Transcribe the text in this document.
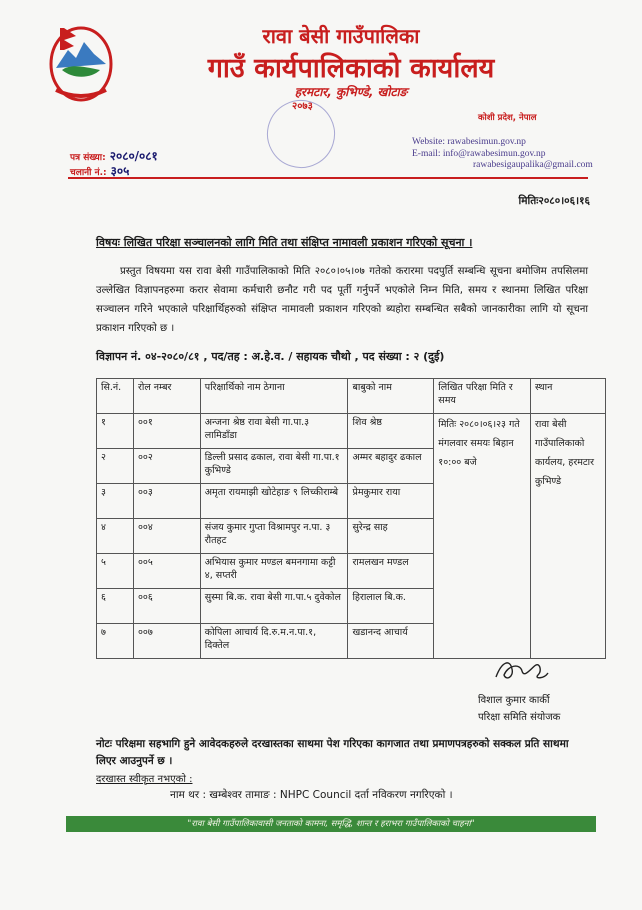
रावा बेसी गाउँपालिका
गाउँ कार्यपालिकाको कार्यालय
हरमटार, कुभिण्डे, खोटाङ
२०७३
कोशी प्रदेश, नेपाल
Website: rawabesimun.gov.np
E-mail: info@rawabesimun.gov.np

rawabesigaupalika@gmail.com
पत्र संख्या: २०८०/०८१
चलानी नं.: ३०५
मितिः२०८०।०६।१६
विषयः लिखित परिक्षा सञ्चालनको लागि मिति तथा संक्षिप्त नामावली प्रकाशन गरिएको सूचना ।
प्रस्तुत विषयमा यस रावा बेसी गाउँपालिकाको मिति २०८०।०५।०७ गतेको करारमा पदपुर्ति सम्बन्धि सूचना बमोजिम तपसिलमा उल्लेखित विज्ञापनहरुमा करार सेवामा कर्मचारी छनौट गरी पद पूर्ती गर्नुपर्ने भएकोले निम्न मिति, समय र स्थानमा लिखित परिक्षा सञ्चालन गरिने भएकाले परिक्षार्थिहरुको संक्षिप्त नामावली प्रकाशन गरिएको ब्यहोरा सम्बन्धित सबैको जानकारीका लागि यो सूचना प्रकाशन गरिएको छ ।
विज्ञापन नं. ०४-२०८०/८१ , पद/तह : अ.हे.व. / सहायक चौथो , पद संख्या : २ (दुई)
सि.नं.	रोल नम्बर	परिक्षार्थिको नाम ठेगाना	बाबुको नाम	लिखित परिक्षा मिति र समय	स्थान
१	००१	अन्जना श्रेष्ठ रावा बेसी गा.पा.३ लामिडाँडा	शिव श्रेष्ठ	मितिः २०८०।०६।२३ गते मंगलवार समयः बिहान १०:०० बजे	रावा बेसी गाउँपालिकाको कार्यलय, हरमटार कुभिण्डे
२	००२	डिल्ली प्रसाद ढकाल, रावा बेसी गा.पा.१ कुभिण्डे	अम्मर बहादुर ढकाल		
३	००३	अमृता रायमाझी खोटेहाङ ९ लिच्कीराम्बे	प्रेमकुमार राया		
४	००४	संजय कुमार गुप्ता विश्रामपुर न.पा. ३ रौतहट	सुरेन्द्र साह		
५	००५	अभियास कुमार मण्डल बमनगामा कट्टी ४, सप्तरी	रामलखन मण्डल		
६	००६	सुस्मा बि.क. रावा बेसी गा.पा.५ दुवेकोल	हिरालाल बि.क.		
७	००७	कोपिला आचार्य दि.रु.म.न.पा.१, दिक्तेल	खडानन्द आचार्य		
विशाल कुमार कार्की
परिक्षा समिति संयोजक
नोटः परिक्षमा सहभागि हुने आवेदकहरुले दरखास्तका साथमा पेश गरिएका कागजात तथा प्रमाणपत्रहरुको सक्कल प्रति साथमा लिएर आउनुपर्ने छ ।
दरखास्त स्वीकृत नभएको :
नाम थर : खम्बेश्वर तामाङ : NHPC Council दर्ता नविकरण नगरिएको ।
"रावा बेसी गाउँपालिकावासी जनताको कामना, समृद्धि, शान्त र हराभरा गाउँपालिकाको चाहना"
